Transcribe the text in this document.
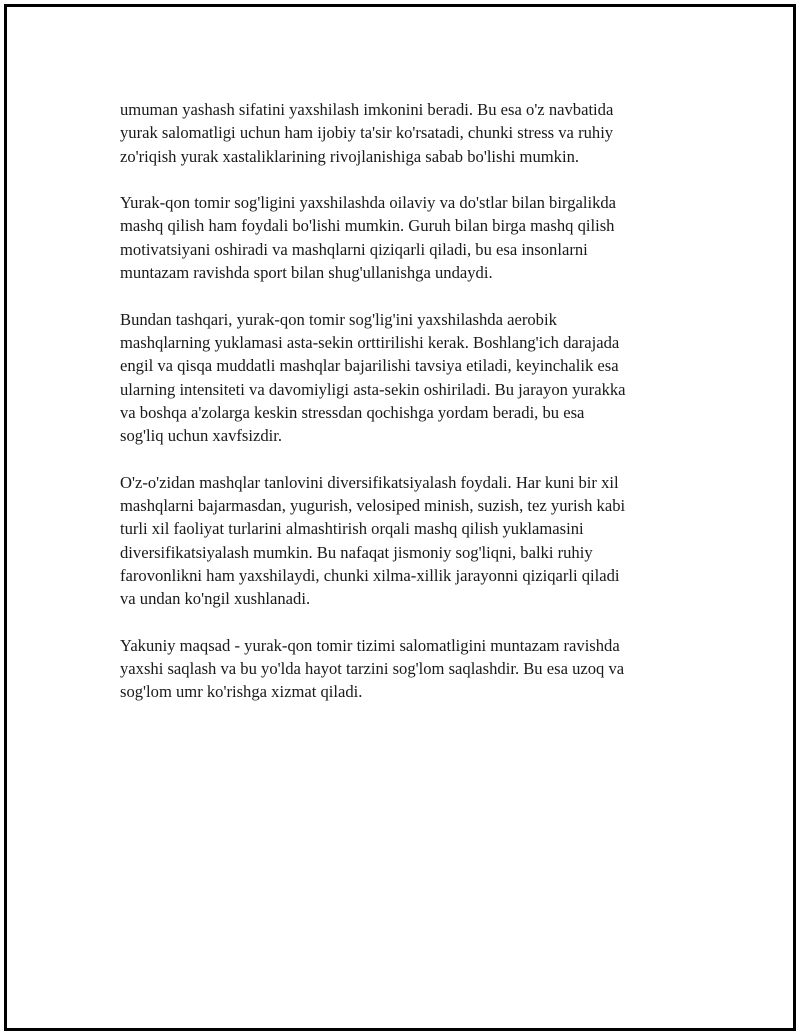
umuman yashash sifatini yaxshilash imkonini beradi. Bu esa o'z navbatida
yurak salomatligi uchun ham ijobiy ta'sir ko'rsatadi, chunki stress va ruhiy
zo'riqish yurak xastaliklarining rivojlanishiga sabab bo'lishi mumkin.

Yurak-qon tomir sog'ligini yaxshilashda oilaviy va do'stlar bilan birgalikda
mashq qilish ham foydali bo'lishi mumkin. Guruh bilan birga mashq qilish
motivatsiyani oshiradi va mashqlarni qiziqarli qiladi, bu esa insonlarni
muntazam ravishda sport bilan shug'ullanishga undaydi.

Bundan tashqari, yurak-qon tomir sog'lig'ini yaxshilashda aerobik
mashqlarning yuklamasi asta-sekin orttirilishi kerak. Boshlang'ich darajada
engil va qisqa muddatli mashqlar bajarilishi tavsiya etiladi, keyinchalik esa
ularning intensiteti va davomiyligi asta-sekin oshiriladi. Bu jarayon yurakka
va boshqa a'zolarga keskin stressdan qochishga yordam beradi, bu esa
sog'liq uchun xavfsizdir.

O'z-o'zidan mashqlar tanlovini diversifikatsiyalash foydali. Har kuni bir xil
mashqlarni bajarmasdan, yugurish, velosiped minish, suzish, tez yurish kabi
turli xil faoliyat turlarini almashtirish orqali mashq qilish yuklamasini
diversifikatsiyalash mumkin. Bu nafaqat jismoniy sog'liqni, balki ruhiy
farovonlikni ham yaxshilaydi, chunki xilma-xillik jarayonni qiziqarli qiladi
va undan ko'ngil xushlanadi.

Yakuniy maqsad - yurak-qon tomir tizimi salomatligini muntazam ravishda
yaxshi saqlash va bu yo'lda hayot tarzini sog'lom saqlashdir. Bu esa uzoq va
sog'lom umr ko'rishga xizmat qiladi.
